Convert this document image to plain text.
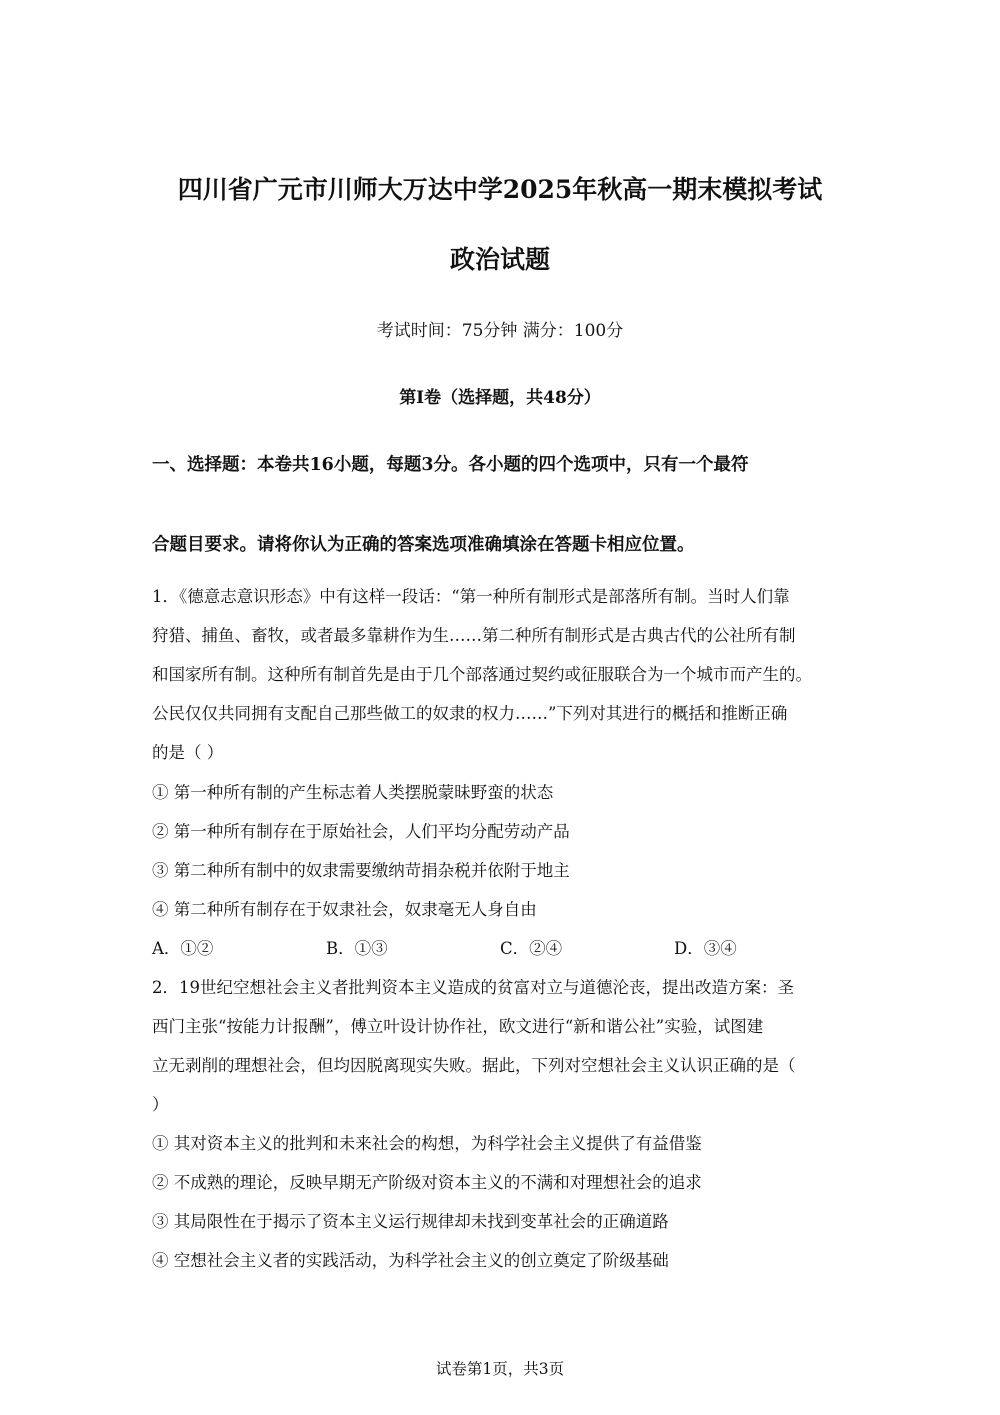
四川省广元市川师大万达中学2025年秋高一期末模拟考试
政治试题
考试时间：75分钟 满分：100分
第Ⅰ卷（选择题，共48分）
一、选择题：本卷共16小题，每题3分。各小题的四个选项中，只有一个最符
合题目要求。请将你认为正确的答案选项准确填涂在答题卡相应位置。
1．《德意志意识形态》中有这样一段话：“第一种所有制形式是部落所有制。当时人们靠
狩猎、捕鱼、畜牧，或者最多靠耕作为生……第二种所有制形式是古典古代的公社所有制
和国家所有制。这种所有制首先是由于几个部落通过契约或征服联合为一个城市而产生的。
公民仅仅共同拥有支配自己那些做工的奴隶的权力……”下列对其进行的概括和推断正确
的是（ ）
① 第一种所有制的产生标志着人类摆脱蒙昧野蛮的状态
② 第一种所有制存在于原始社会，人们平均分配劳动产品
③ 第二种所有制中的奴隶需要缴纳苛捐杂税并依附于地主
④ 第二种所有制存在于奴隶社会，奴隶毫无人身自由
A．①②	B．①③	C．②④	D．③④
2．19世纪空想社会主义者批判资本主义造成的贫富对立与道德沦丧，提出改造方案：圣
西门主张“按能力计报酬”，傅立叶设计协作社，欧文进行“新和谐公社”实验，试图建
立无剥削的理想社会，但均因脱离现实失败。据此，下列对空想社会主义认识正确的是（
）
① 其对资本主义的批判和未来社会的构想，为科学社会主义提供了有益借鉴
② 不成熟的理论，反映早期无产阶级对资本主义的不满和对理想社会的追求
③ 其局限性在于揭示了资本主义运行规律却未找到变革社会的正确道路
④ 空想社会主义者的实践活动，为科学社会主义的创立奠定了阶级基础
试卷第1页，共3页
